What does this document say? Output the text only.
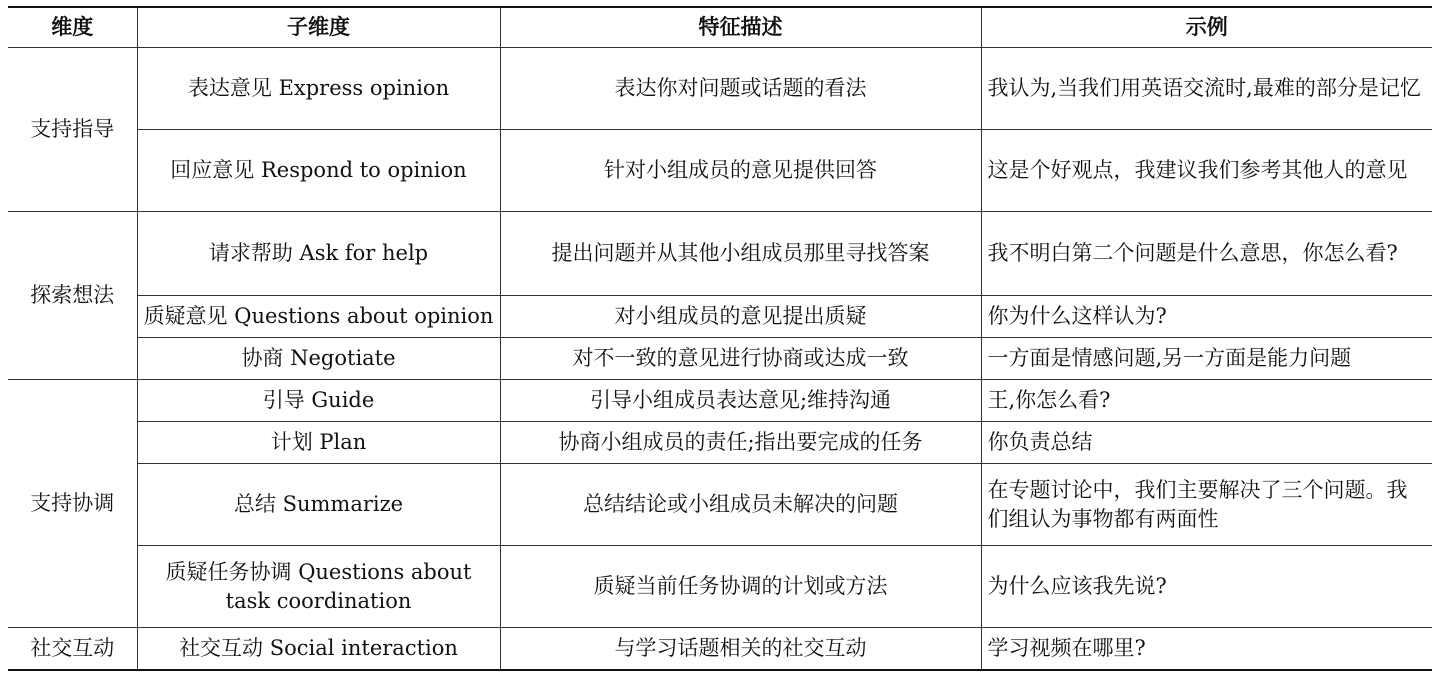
维度	子维度	特征描述	示例
支持指导	表达意见 Express opinion	表达你对问题或话题的看法	我认为,当我们用英语交流时,最难的部分是记忆
	回应意见 Respond to opinion	针对小组成员的意见提供回答	这是个好观点，我建议我们参考其他人的意见
探索想法	请求帮助 Ask for help	提出问题并从其他小组成员那里寻找答案	我不明白第二个问题是什么意思，你怎么看?
	质疑意见 Questions about opinion	对小组成员的意见提出质疑	你为什么这样认为?
	协商 Negotiate	对不一致的意见进行协商或达成一致	一方面是情感问题,另一方面是能力问题
支持协调	引导 Guide	引导小组成员表达意见;维持沟通	王,你怎么看?
	计划 Plan	协商小组成员的责任;指出要完成的任务	你负责总结
	总结 Summarize	总结结论或小组成员未解决的问题	在专题讨论中，我们主要解决了三个问题。我们组认为事物都有两面性
	质疑任务协调 Questions about task coordination	质疑当前任务协调的计划或方法	为什么应该我先说?
社交互动	社交互动 Social interaction	与学习话题相关的社交互动	学习视频在哪里?
